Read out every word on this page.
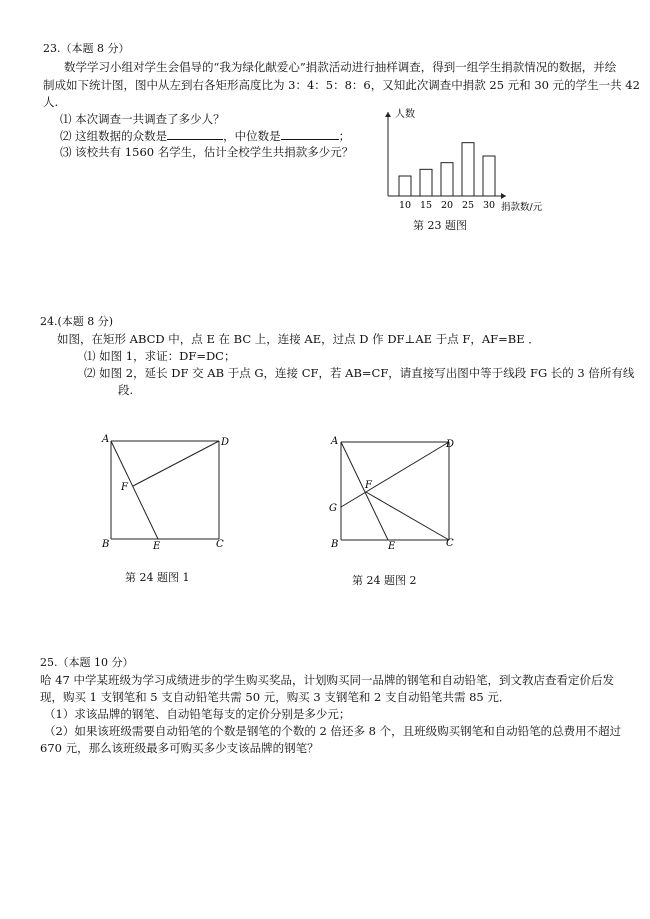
23.（本题 8 分）
数学学习小组对学生会倡导的“我为绿化献爱心”捐款活动进行抽样调查，得到一组学生捐款情况的数据，并绘
制成如下统计图，图中从左到右各矩形高度比为 3：4：5：8：6，又知此次调查中捐款 25 元和 30 元的学生一共 42
人.
⑴ 本次调查一共调查了多少人？
⑵ 这组数据的众数是	，中位数是	；
⑶ 该校共有 1560 名学生，估计全校学生共捐款多少元？
10 15 20 25 30
人数
捐款数/元
第 23 题图
24.(本题 8 分)
如图，在矩形 ABCD 中，点 E 在 BC 上，连接 AE，过点 D 作 DF⊥AE 于点 F，AF=BE ．
⑴ 如图 1，求证：DF=DC；
⑵ 如图 2，延长 DF 交 AB 于点 G，连接 CF，若 AB=CF，请直接写出图中等于线段 FG 长的 3 倍所有线
段.
A	D
F
B	E	C
第 24 题图 1
A	D
F
G
B	E	C
第 24 题图 2
25.（本题 10 分）
哈 47 中学某班级为学习成绩进步的学生购买奖品，计划购买同一品牌的钢笔和自动铅笔，到文教店查看定价后发
现，购买 1 支钢笔和 5 支自动铅笔共需 50 元，购买 3 支钢笔和 2 支自动铅笔共需 85 元．
（1）求该品牌的钢笔、自动铅笔每支的定价分别是多少元；
（2）如果该班级需要自动铅笔的个数是钢笔的个数的 2 倍还多 8 个，且班级购买钢笔和自动铅笔的总费用不超过
670 元，那么该班级最多可购买多少支该品牌的钢笔？
